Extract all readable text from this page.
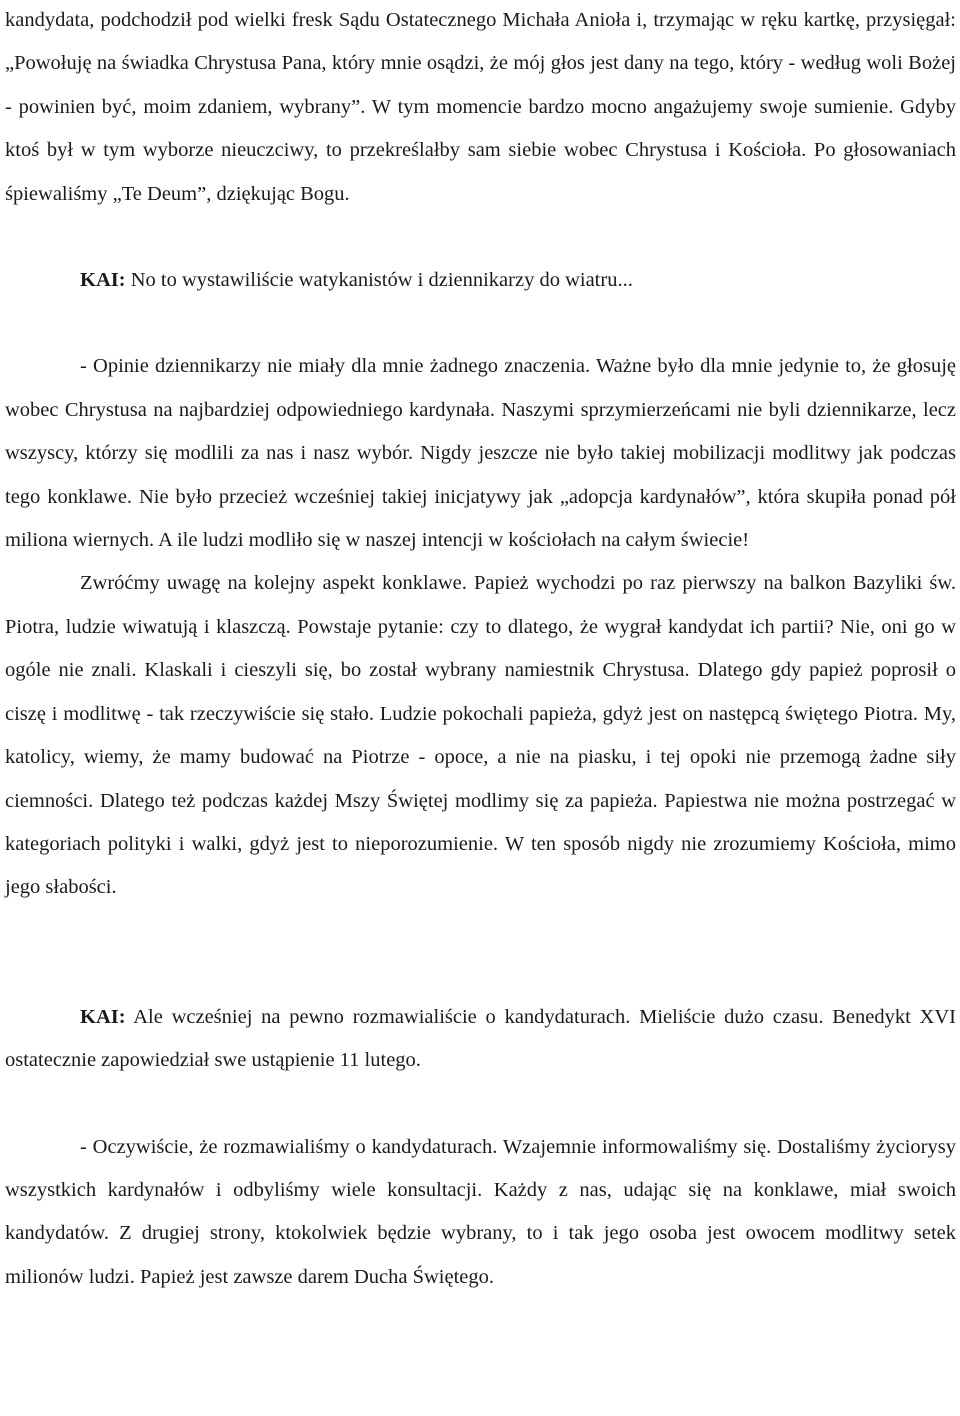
kandydata, podchodził pod wielki fresk Sądu Ostatecznego Michała Anioła i, trzymając w ręku kartkę, przysięgał: „Powołuję na świadka Chrystusa Pana, który mnie osądzi, że mój głos jest dany na tego, który - według woli Bożej - powinien być, moim zdaniem, wybrany”. W tym momencie bardzo mocno angażujemy swoje sumienie. Gdyby ktoś był w tym wyborze nieuczciwy, to przekreślałby sam siebie wobec Chrystusa i Kościoła. Po głosowaniach śpiewaliśmy „Te Deum”, dziękując Bogu.

KAI: No to wystawiliście watykanistów i dziennikarzy do wiatru...

- Opinie dziennikarzy nie miały dla mnie żadnego znaczenia. Ważne było dla mnie jedynie to, że głosuję wobec Chrystusa na najbardziej odpowiedniego kardynała. Naszymi sprzymierzeńcami nie byli dziennikarze, lecz wszyscy, którzy się modlili za nas i nasz wybór. Nigdy jeszcze nie było takiej mobilizacji modlitwy jak podczas tego konklawe. Nie było przecież wcześniej takiej inicjatywy jak „adopcja kardynałów”, która skupiła ponad pół miliona wiernych. A ile ludzi modliło się w naszej intencji w kościołach na całym świecie!

Zwróćmy uwagę na kolejny aspekt konklawe. Papież wychodzi po raz pierwszy na balkon Bazyliki św. Piotra, ludzie wiwatują i klaszczą. Powstaje pytanie: czy to dlatego, że wygrał kandydat ich partii? Nie, oni go w ogóle nie znali. Klaskali i cieszyli się, bo został wybrany namiestnik Chrystusa. Dlatego gdy papież poprosił o ciszę i modlitwę - tak rzeczywiście się stało. Ludzie pokochali papieża, gdyż jest on następcą świętego Piotra. My, katolicy, wiemy, że mamy budować na Piotrze - opoce, a nie na piasku, i tej opoki nie przemogą żadne siły ciemności. Dlatego też podczas każdej Mszy Świętej modlimy się za papieża. Papiestwa nie można postrzegać w kategoriach polityki i walki, gdyż jest to nieporozumienie. W ten sposób nigdy nie zrozumiemy Kościoła, mimo jego słabości.

KAI: Ale wcześniej na pewno rozmawialiście o kandydaturach. Mieliście dużo czasu. Benedykt XVI ostatecznie zapowiedział swe ustąpienie 11 lutego.

- Oczywiście, że rozmawialiśmy o kandydaturach. Wzajemnie informowaliśmy się. Dostaliśmy życiorysy wszystkich kardynałów i odbyliśmy wiele konsultacji. Każdy z nas, udając się na konklawe, miał swoich kandydatów. Z drugiej strony, ktokolwiek będzie wybrany, to i tak jego osoba jest owocem modlitwy setek milionów ludzi. Papież jest zawsze darem Ducha Świętego.
